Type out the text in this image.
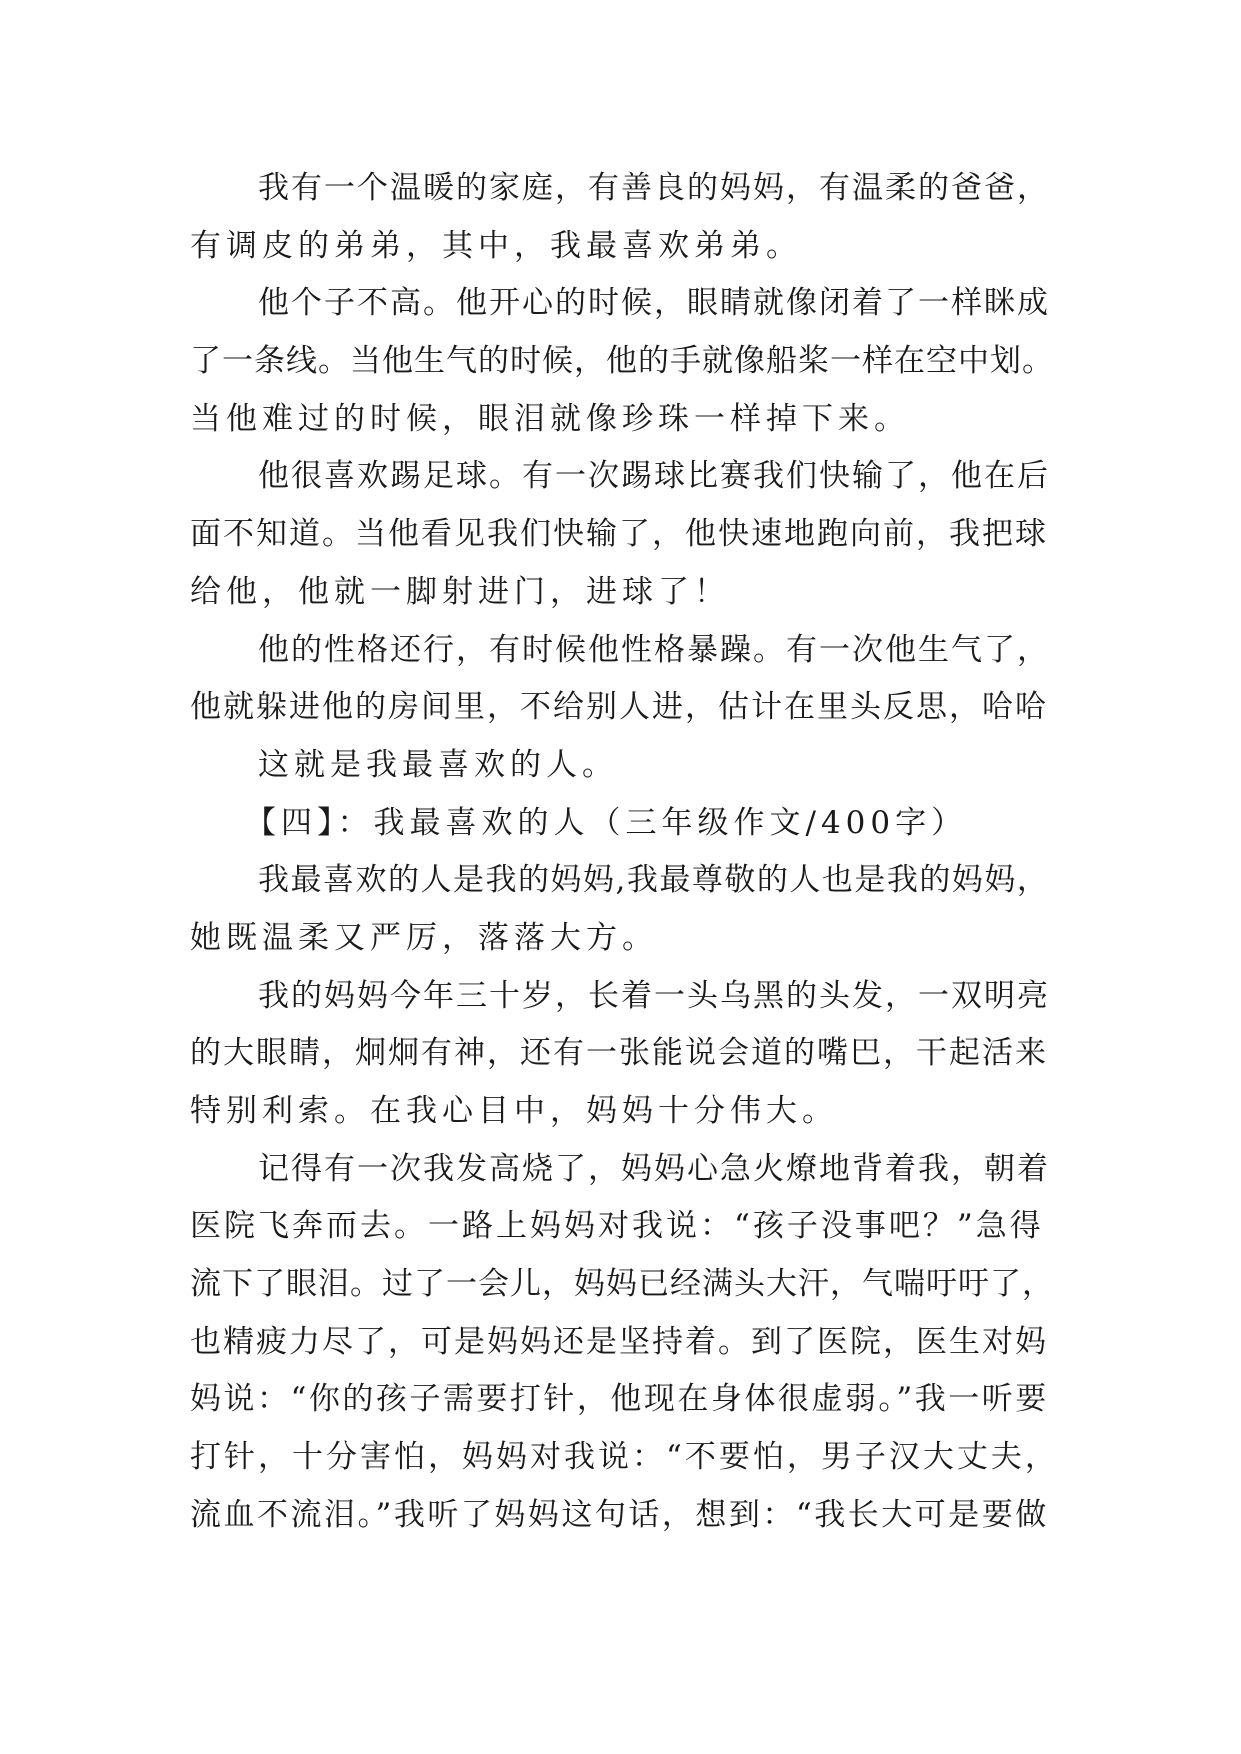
我有一个温暖的家庭，有善良的妈妈，有温柔的爸爸，
有调皮的弟弟，其中，我最喜欢弟弟。
他个子不高。他开心的时候，眼睛就像闭着了一样眯成
了一条线。当他生气的时候，他的手就像船桨一样在空中划。
当他难过的时候，眼泪就像珍珠一样掉下来。
他很喜欢踢足球。有一次踢球比赛我们快输了，他在后
面不知道。当他看见我们快输了，他快速地跑向前，我把球
给他，他就一脚射进门，进球了！
他的性格还行，有时候他性格暴躁。有一次他生气了，
他就躲进他的房间里，不给别人进，估计在里头反思，哈哈
这就是我最喜欢的人。
【四】：我最喜欢的人（三年级作文/400字）
我最喜欢的人是我的妈妈,我最尊敬的人也是我的妈妈，
她既温柔又严厉，落落大方。
我的妈妈今年三十岁，长着一头乌黑的头发，一双明亮
的大眼睛，炯炯有神，还有一张能说会道的嘴巴，干起活来
特别利索。在我心目中，妈妈十分伟大。
记得有一次我发高烧了，妈妈心急火燎地背着我，朝着
医院飞奔而去。一路上妈妈对我说：“孩子没事吧？”急得
流下了眼泪。过了一会儿，妈妈已经满头大汗，气喘吁吁了，
也精疲力尽了，可是妈妈还是坚持着。到了医院，医生对妈
妈说：“你的孩子需要打针，他现在身体很虚弱。”我一听要
打针，十分害怕，妈妈对我说：“不要怕，男子汉大丈夫，
流血不流泪。”我听了妈妈这句话，想到：“我长大可是要做
